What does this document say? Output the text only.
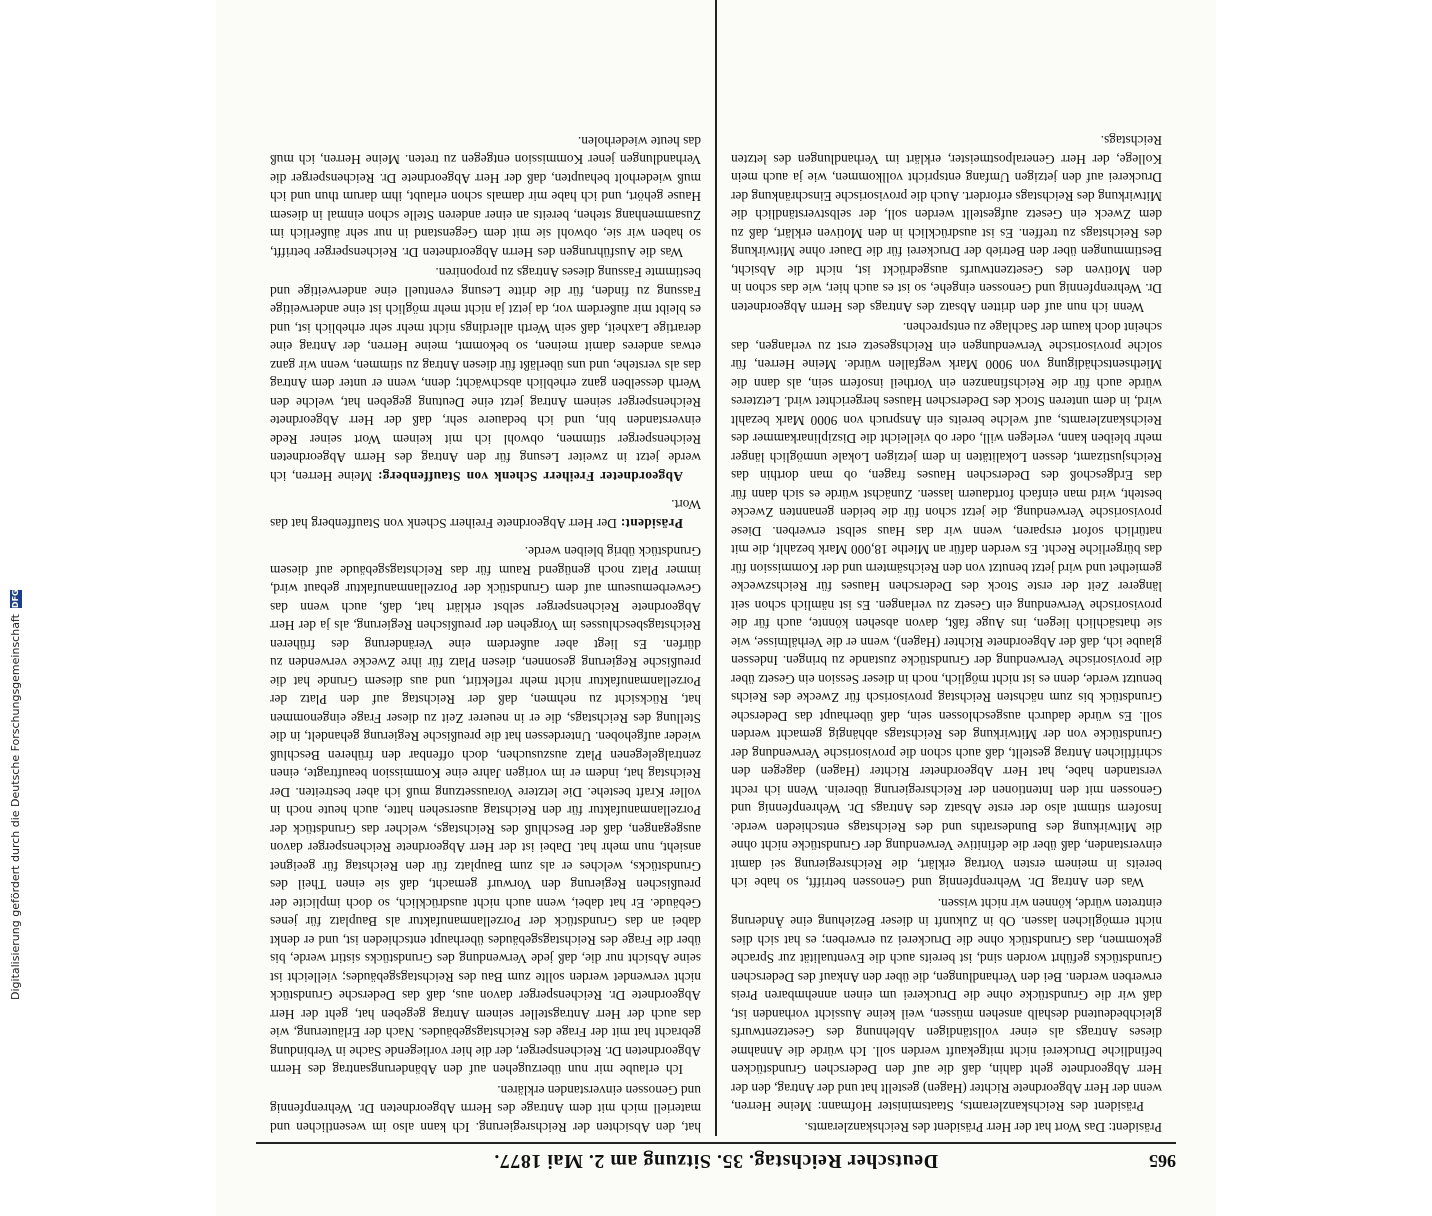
965
Deutscher Reichstag. 35. Sitzung am 2. Mai 1877.

Präsident: Das Wort hat der Herr Präsident des Reichskanzleramts.

Präsident des Reichskanzleramts, Staatsminister Hofmann: Meine Herren, wenn der Herr Abgeordnete Richter (Hagen) gestellt hat und der Antrag, den der Herr Abgeordnete geht dahin, daß die auf den Dederschen Grundstücken befindliche Druckerei nicht mitgekauft werden soll. Ich würde die Annahme dieses Antrags als einer vollständigen Ablehnung des Gesetzentwurfs gleichbedeutend deshalb ansehen müssen, weil keine Aussicht vorhanden ist, daß wir die Grundstücke ohne die Druckerei um einen annehmbaren Preis erwerben werden. Bei den Verhandlungen, die über den Ankauf des Dederschen Grundstücks geführt worden sind, ist bereits auch die Eventualität zur Sprache gekommen, das Grundstück ohne die Druckerei zu erwerben; es hat sich dies nicht ermöglichen lassen. Ob in Zukunft in dieser Beziehung eine Änderung eintreten würde, können wir nicht wissen.

Was den Antrag Dr. Wehrenpfennig und Genossen betrifft, so habe ich bereits in meinem ersten Vortrag erklärt, die Reichsregierung sei damit einverstanden, daß über die definitive Verwendung der Grundstücke nicht ohne die Mitwirkung des Bundesraths und des Reichstags entschieden werde. Insofern stimmt also der erste Absatz des Antrags Dr. Wehrenpfennig und Genossen mit den Intentionen der Reichsregierung überein. Wenn ich recht verstanden habe, hat Herr Abgeordneter Richter (Hagen) dagegen den schriftlichen Antrag gestellt, daß auch schon die provisorische Verwendung der Grundstücke von der Mitwirkung des Reichstags abhängig gemacht werden soll. Es würde dadurch ausgeschlossen sein, daß überhaupt das Dedersche Grundstück bis zum nächsten Reichstag provisorisch für Zwecke des Reichs benutzt werde, denn es ist nicht möglich, noch in dieser Session ein Gesetz über die provisorische Verwendung der Grundstücke zustande zu bringen. Indessen glaube ich, daß der Abgeordnete Richter (Hagen), wenn er die Verhältnisse, wie sie thatsächlich liegen, ins Auge faßt, davon absehen könnte, auch für die provisorische Verwendung ein Gesetz zu verlangen. Es ist nämlich schon seit längerer Zeit der erste Stock des Dederschen Hauses für Reichszwecke gemiethet und wird jetzt benutzt von den Reichsämtern und der Kommission für das bürgerliche Recht. Es werden dafür an Miethe 18,000 Mark bezahlt, die mit natürlich sofort ersparen, wenn wir das Haus selbst erwerben. Diese provisorische Verwendung, die jetzt schon für die beiden genannten Zwecke besteht, wird man einfach fortdauern lassen. Zunächst würde es sich dann für das Erdgeschoß des Dederschen Hauses fragen, ob man dorthin das Reichsjustizamt, dessen Lokalitäten in dem jetzigen Lokale unmöglich länger mehr bleiben kann, verlegen will, oder ob vielleicht die Disziplinarkammer des Reichskanzleramts, auf welche bereits ein Anspruch von 9000 Mark bezahlt wird, in dem unteren Stock des Dederschen Hauses hergerichtet wird. Letzteres würde auch für die Reichsfinanzen ein Vortheil insofern sein, als dann die Miethsentschädigung von 9000 Mark wegfallen würde. Meine Herren, für solche provisorische Verwendungen ein Reichsgesetz erst zu verlangen, das scheint doch kaum der Sachlage zu entsprechen.

Wenn ich nun auf den dritten Absatz des Antrags des Herrn Abgeordneten Dr. Wehrenpfennig und Genossen eingehe, so ist es auch hier, wie das schon in den Motiven des Gesetzentwurfs ausgedrückt ist, nicht die Absicht, Bestimmungen über den Betrieb der Druckerei für die Dauer ohne Mitwirkung des Reichstags zu treffen. Es ist ausdrücklich in den Motiven erklärt, daß zu dem Zweck ein Gesetz aufgestellt werden soll, der selbstverständlich die Mitwirkung des Reichstags erfordert. Auch die provisorische Einschränkung der Druckerei auf den jetzigen Umfang entspricht vollkommen, wie ja auch mein Kollege, der Herr Generalpostmeister, erklärt im Verhandlungen des letzten Reichstags.

hat, den Absichten der Reichsregierung. Ich kann also im wesentlichen und materiell mich mit dem Antrage des Herrn Abgeordneten Dr. Wehrenpfennig und Genossen einverstanden erklären.

Ich erlaube mir nun überzugehen auf den Abänderungsantrag des Herrn Abgeordneten Dr. Reichensperger, der die hier vorliegende Sache in Verbindung gebracht hat mit der Frage des Reichstagsgebäudes. Nach der Erläuterung, wie das auch der Herr Antragsteller seinem Antrag gegeben hat, geht der Herr Abgeordnete Dr. Reichensperger davon aus, daß das Dedersche Grundstück nicht verwendet werden sollte zum Bau des Reichstagsgebäudes; vielleicht ist seine Absicht nur die, daß jede Verwendung des Grundstücks sistirt werde, bis über die Frage des Reichstagsgebäudes überhaupt entschieden ist, und er denkt dabei an das Grundstück der Porzellanmanufaktur als Bauplatz für jenes Gebäude. Er hat dabei, wenn auch nicht ausdrücklich, so doch implicite der preußischen Regierung den Vorwurf gemacht, daß sie einen Theil des Grundstücks, welches er als zum Bauplatz für den Reichstag für geeignet ansieht, nun mehr hat. Dabei ist der Herr Abgeordnete Reichensperger davon ausgegangen, daß der Beschluß des Reichstags, welcher das Grundstück der Porzellanmanufaktur für den Reichstag ausersehen hatte, auch heute noch in voller Kraft bestehe. Die letztere Voraussetzung muß ich aber bestreiten. Der Reichstag hat, indem er im vorigen Jahre eine Kommission beauftragte, einen zentralgelegenen Platz auszusuchen, doch offenbar den früheren Beschluß wieder aufgehoben. Unterdessen hat die preußische Regierung gehandelt, in die Stellung des Reichstags, die er in neuerer Zeit zu dieser Frage eingenommen hat, Rücksicht zu nehmen, daß der Reichstag auf den Platz der Porzellanmanufaktur nicht mehr reflektirt, und aus diesem Grunde hat die preußische Regierung gesonnen, diesen Platz für ihre Zwecke verwenden zu dürfen. Es liegt aber außerdem eine Veränderung des früheren Reichstagsbeschlusses im Vorgehen der preußischen Regierung, als ja der Herr Abgeordnete Reichensperger selbst erklärt hat, daß, auch wenn das Gewerbemuseum auf dem Grundstück der Porzellanmanufaktur gebaut wird, immer Platz noch genügend Raum für das Reichstagsgebäude auf diesem Grundstück übrig bleiben werde.

Präsident: Der Herr Abgeordnete Freiherr Schenk von Stauffenberg hat das Wort.

Abgeordneter Freiherr Schenk von Stauffenberg: Meine Herren, ich werde jetzt in zweiter Lesung für den Antrag des Herrn Abgeordneten Reichensperger stimmen, obwohl ich mit keinem Wort seiner Rede einverstanden bin, und ich bedauere sehr, daß der Herr Abgeordnete Reichensperger seinem Antrag jetzt eine Deutung gegeben hat, welche den Werth desselben ganz erheblich abschwächt; denn, wenn er unter dem Antrag das als verstehe, und uns überläßt für diesen Antrag zu stimmen, wenn wir ganz etwas anderes damit meinen, so bekommt, meine Herren, der Antrag eine derartige Laxheit, daß sein Werth allerdings nicht mehr sehr erheblich ist, und es bleibt mir außerdem vor, da jetzt ja nicht mehr möglich ist eine anderweitige Fassung zu finden, für die dritte Lesung eventuell eine anderweitige und bestimmte Fassung dieses Antrags zu proponiren.

Was die Ausführungen des Herrn Abgeordneten Dr. Reichensperger betrifft, so haben wir sie, obwohl sie mit dem Gegenstand in nur sehr äußerlich im Zusammenhang stehen, bereits an einer anderen Stelle schon einmal in diesem Hause gehört, und ich habe mir damals schon erlaubt, ihm darum thun und ich muß wiederholt behaupten, daß der Herr Abgeordnete Dr. Reichensperger die Verhandlungen jener Kommission entgegen zu treten. Meine Herren, ich muß das heute wiederholen.

Digitalisierung gefördert durch die Deutsche Forschungsgemeinschaft
DFG
